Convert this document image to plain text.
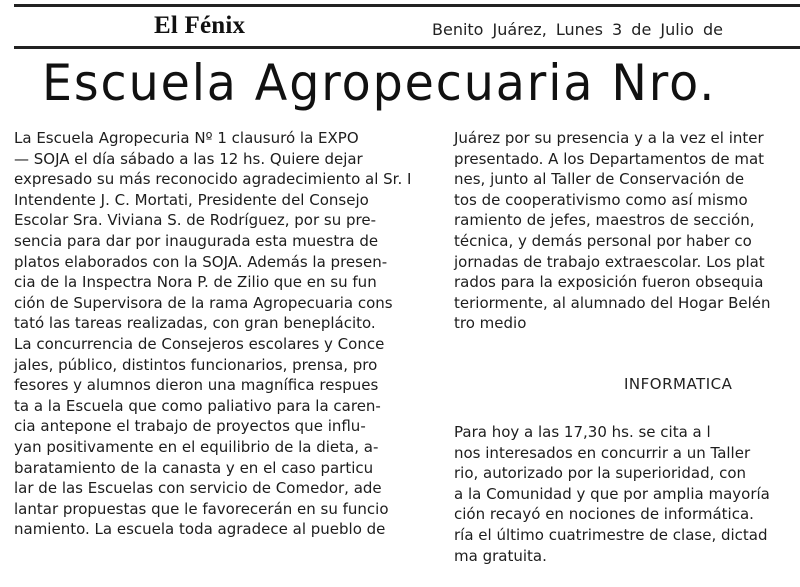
El Fénix	Benito Juárez, Lunes 3 de Julio de
Escuela Agropecuaria Nro.
La Escuela Agropecuria Nº 1 clausuró la EXPO
— SOJA el día sábado a las 12 hs. Quiere dejar
expresado su más reconocido agradecimiento al Sr. I
Intendente J. C. Mortati, Presidente del Consejo
Escolar Sra. Viviana S. de Rodríguez, por su pre-
sencia para dar por inaugurada esta muestra de
platos elaborados con la SOJA. Además la presen-
cia de la Inspectra Nora P. de Zilio que en su fun
ción de Supervisora de la rama Agropecuaria cons
tató las tareas realizadas, con gran beneplácito.
La concurrencia de Consejeros escolares y Conce
jales, público, distintos funcionarios, prensa, pro
fesores y alumnos dieron una magnífica respues
ta a la Escuela que como paliativo para la caren-
cia antepone el trabajo de proyectos que influ-
yan positivamente en el equilibrio de la dieta, a-
baratamiento de la canasta y en el caso particu
lar de las Escuelas con servicio de Comedor, ade
lantar propuestas que le favorecerán en su funcio
namiento. La escuela toda agradece al pueblo de
Juárez por su presencia y a la vez el inter
presentado. A los Departamentos de mat
nes, junto al Taller de Conservación de
tos de cooperativismo como así mismo
ramiento de jefes, maestros de sección,
técnica, y demás personal por haber co
jornadas de trabajo extraescolar. Los plat
rados para la exposición fueron obsequia
teriormente, al alumnado del Hogar Belén
tro medio
INFORMATICA
Para hoy a las 17,30 hs. se cita a l
nos interesados en concurrir a un Taller
rio, autorizado por la superioridad, con
a la Comunidad y que por amplia mayoría
ción recayó en nociones de informática.
ría el último cuatrimestre de clase, dictad
ma gratuita.
